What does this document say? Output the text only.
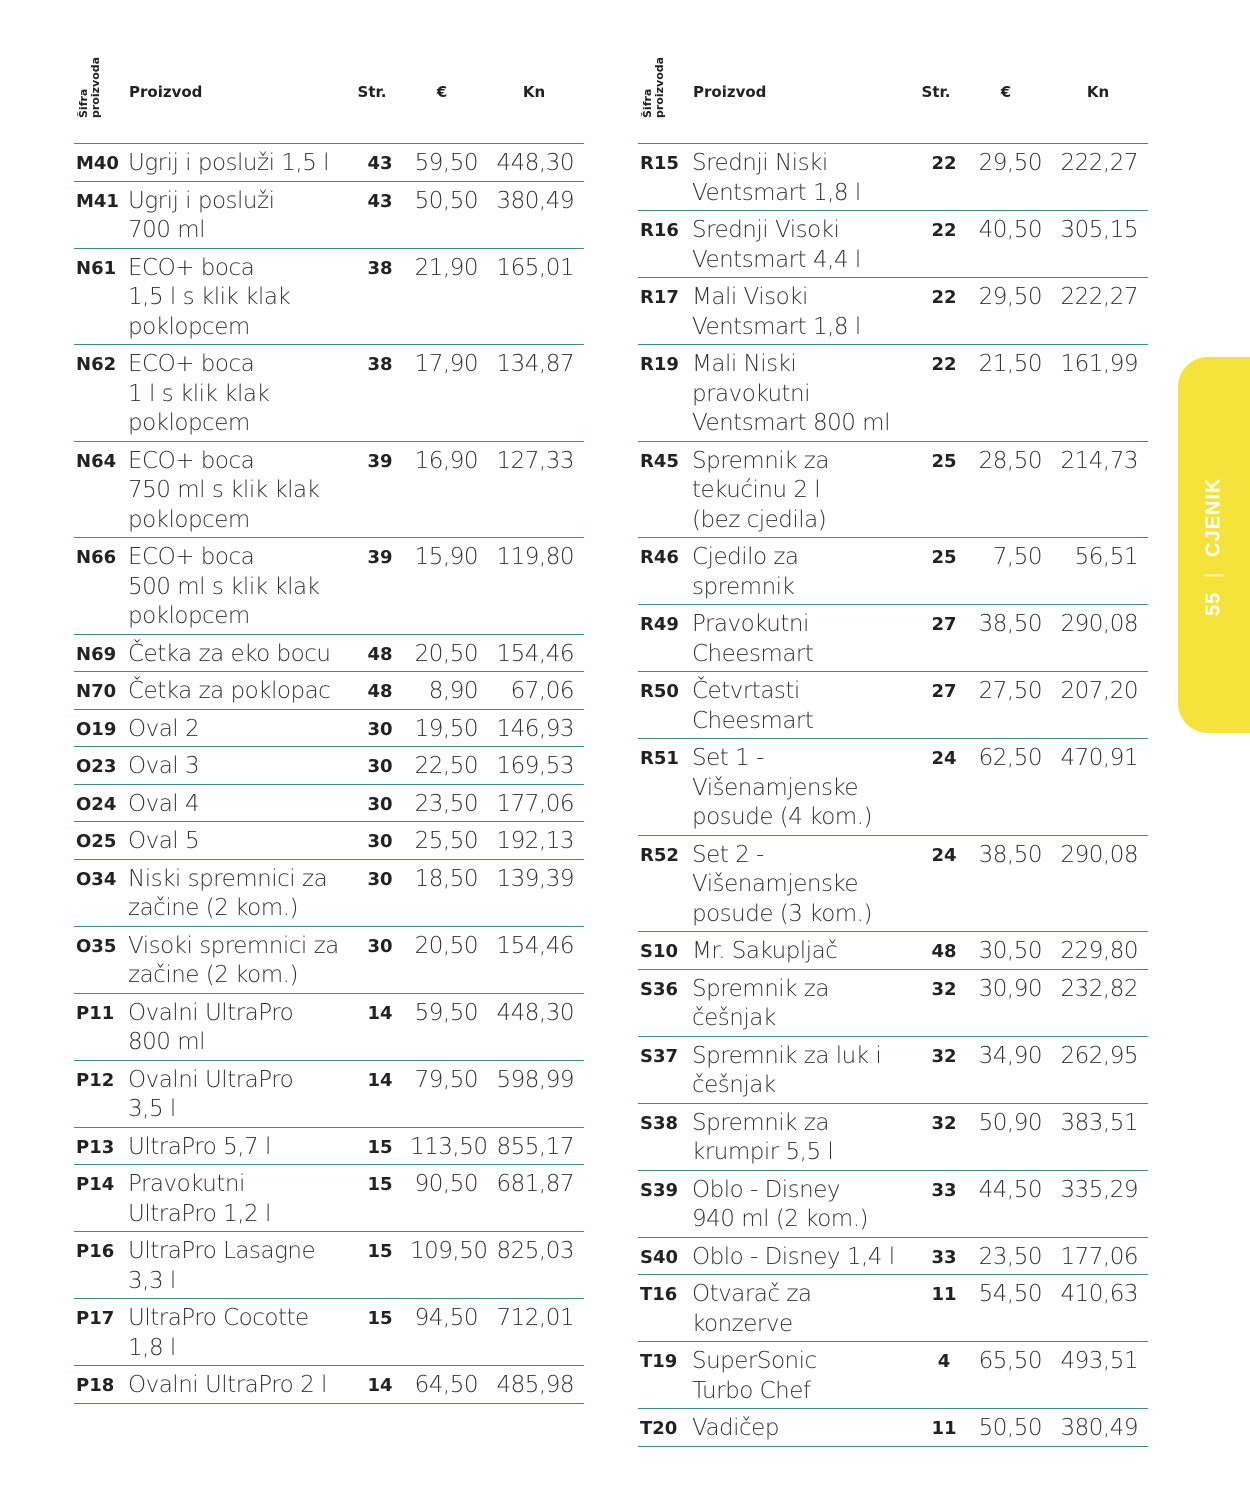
Šifra proizvoda	Proizvod	Str.	€	Kn
M40 Ugrij i posluži 1,5 l	43 59,50 448,30
M41 Ugrij i posluži
700 ml
43 50,50 380,49
N61 ECO+ boca
1,5 l s klik klak
poklopcem
38 21,90 165,01
N62 ECO+ boca
1 l s klik klak
poklopcem
38 17,90 134,87
N64 ECO+ boca
750 ml s klik klak
poklopcem
39 16,90 127,33
N66 ECO+ boca
500 ml s klik klak
poklopcem
39 15,90 119,80
N69 Četka za eko bocu	48 20,50 154,46
N70 Četka za poklopac	48	8,90	67,06
O19 Oval 2	30 19,50 146,93
O23 Oval 3	30 22,50 169,53
O24 Oval 4	30 23,50 177,06
O25 Oval 5	30 25,50 192,13
O34 Niski spremnici za
začine (2 kom.)
30 18,50 139,39
O35 Visoki spremnici za
začine (2 kom.)
30 20,50 154,46
P11 Ovalni UltraPro
800 ml
14 59,50 448,30
P12 Ovalni UltraPro
3,5 l
14 79,50 598,99
P13 UltraPro 5,7 l	15 113,50 855,17
P14 Pravokutni
UltraPro 1,2 l
15 90,50 681,87
P16 UltraPro Lasagne
3,3 l
15 109,50 825,03
P17 UltraPro Cocotte
1,8 l
15 94,50 712,01
P18 Ovalni UltraPro 2 l	14 64,50 485,98
Šifra proizvoda	Proizvod	Str.	€	Kn
R15 Srednji Niski
Ventsmart 1,8 l
22 29,50 222,27
R16 Srednji Visoki
Ventsmart 4,4 l
22 40,50 305,15
R17 Mali Visoki
Ventsmart 1,8 l
22 29,50 222,27
R19 Mali Niski
pravokutni
Ventsmart 800 ml
22 21,50 161,99
R45 Spremnik za
tekućinu 2 l
(bez cjedila)
25 28,50 214,73
R46 Cjedilo za
spremnik
25	7,50	56,51
R49 Pravokutni
Cheesmart
27 38,50 290,08
R50 Četvrtasti
Cheesmart
27 27,50 207,20
R51 Set 1 -
Višenamjenske
posude (4 kom.)
24 62,50 470,91
R52 Set 2 -
Višenamjenske
posude (3 kom.)
24 38,50 290,08
S10 Mr. Sakupljač	48 30,50 229,80
S36 Spremnik za
češnjak
32 30,90 232,82
S37 Spremnik za luk i
češnjak
32 34,90 262,95
S38 Spremnik za
krumpir 5,5 l
32 50,90 383,51
S39 Oblo - Disney
940 ml (2 kom.)
33 44,50 335,29
S40 Oblo - Disney 1,4 l	33 23,50 177,06
T16 Otvarač za
konzerve
11 54,50 410,63
T19 SuperSonic
Turbo Chef
4	65,50 493,51
T20 Vadičep	11 50,50 380,49
55
|
CJENIK
